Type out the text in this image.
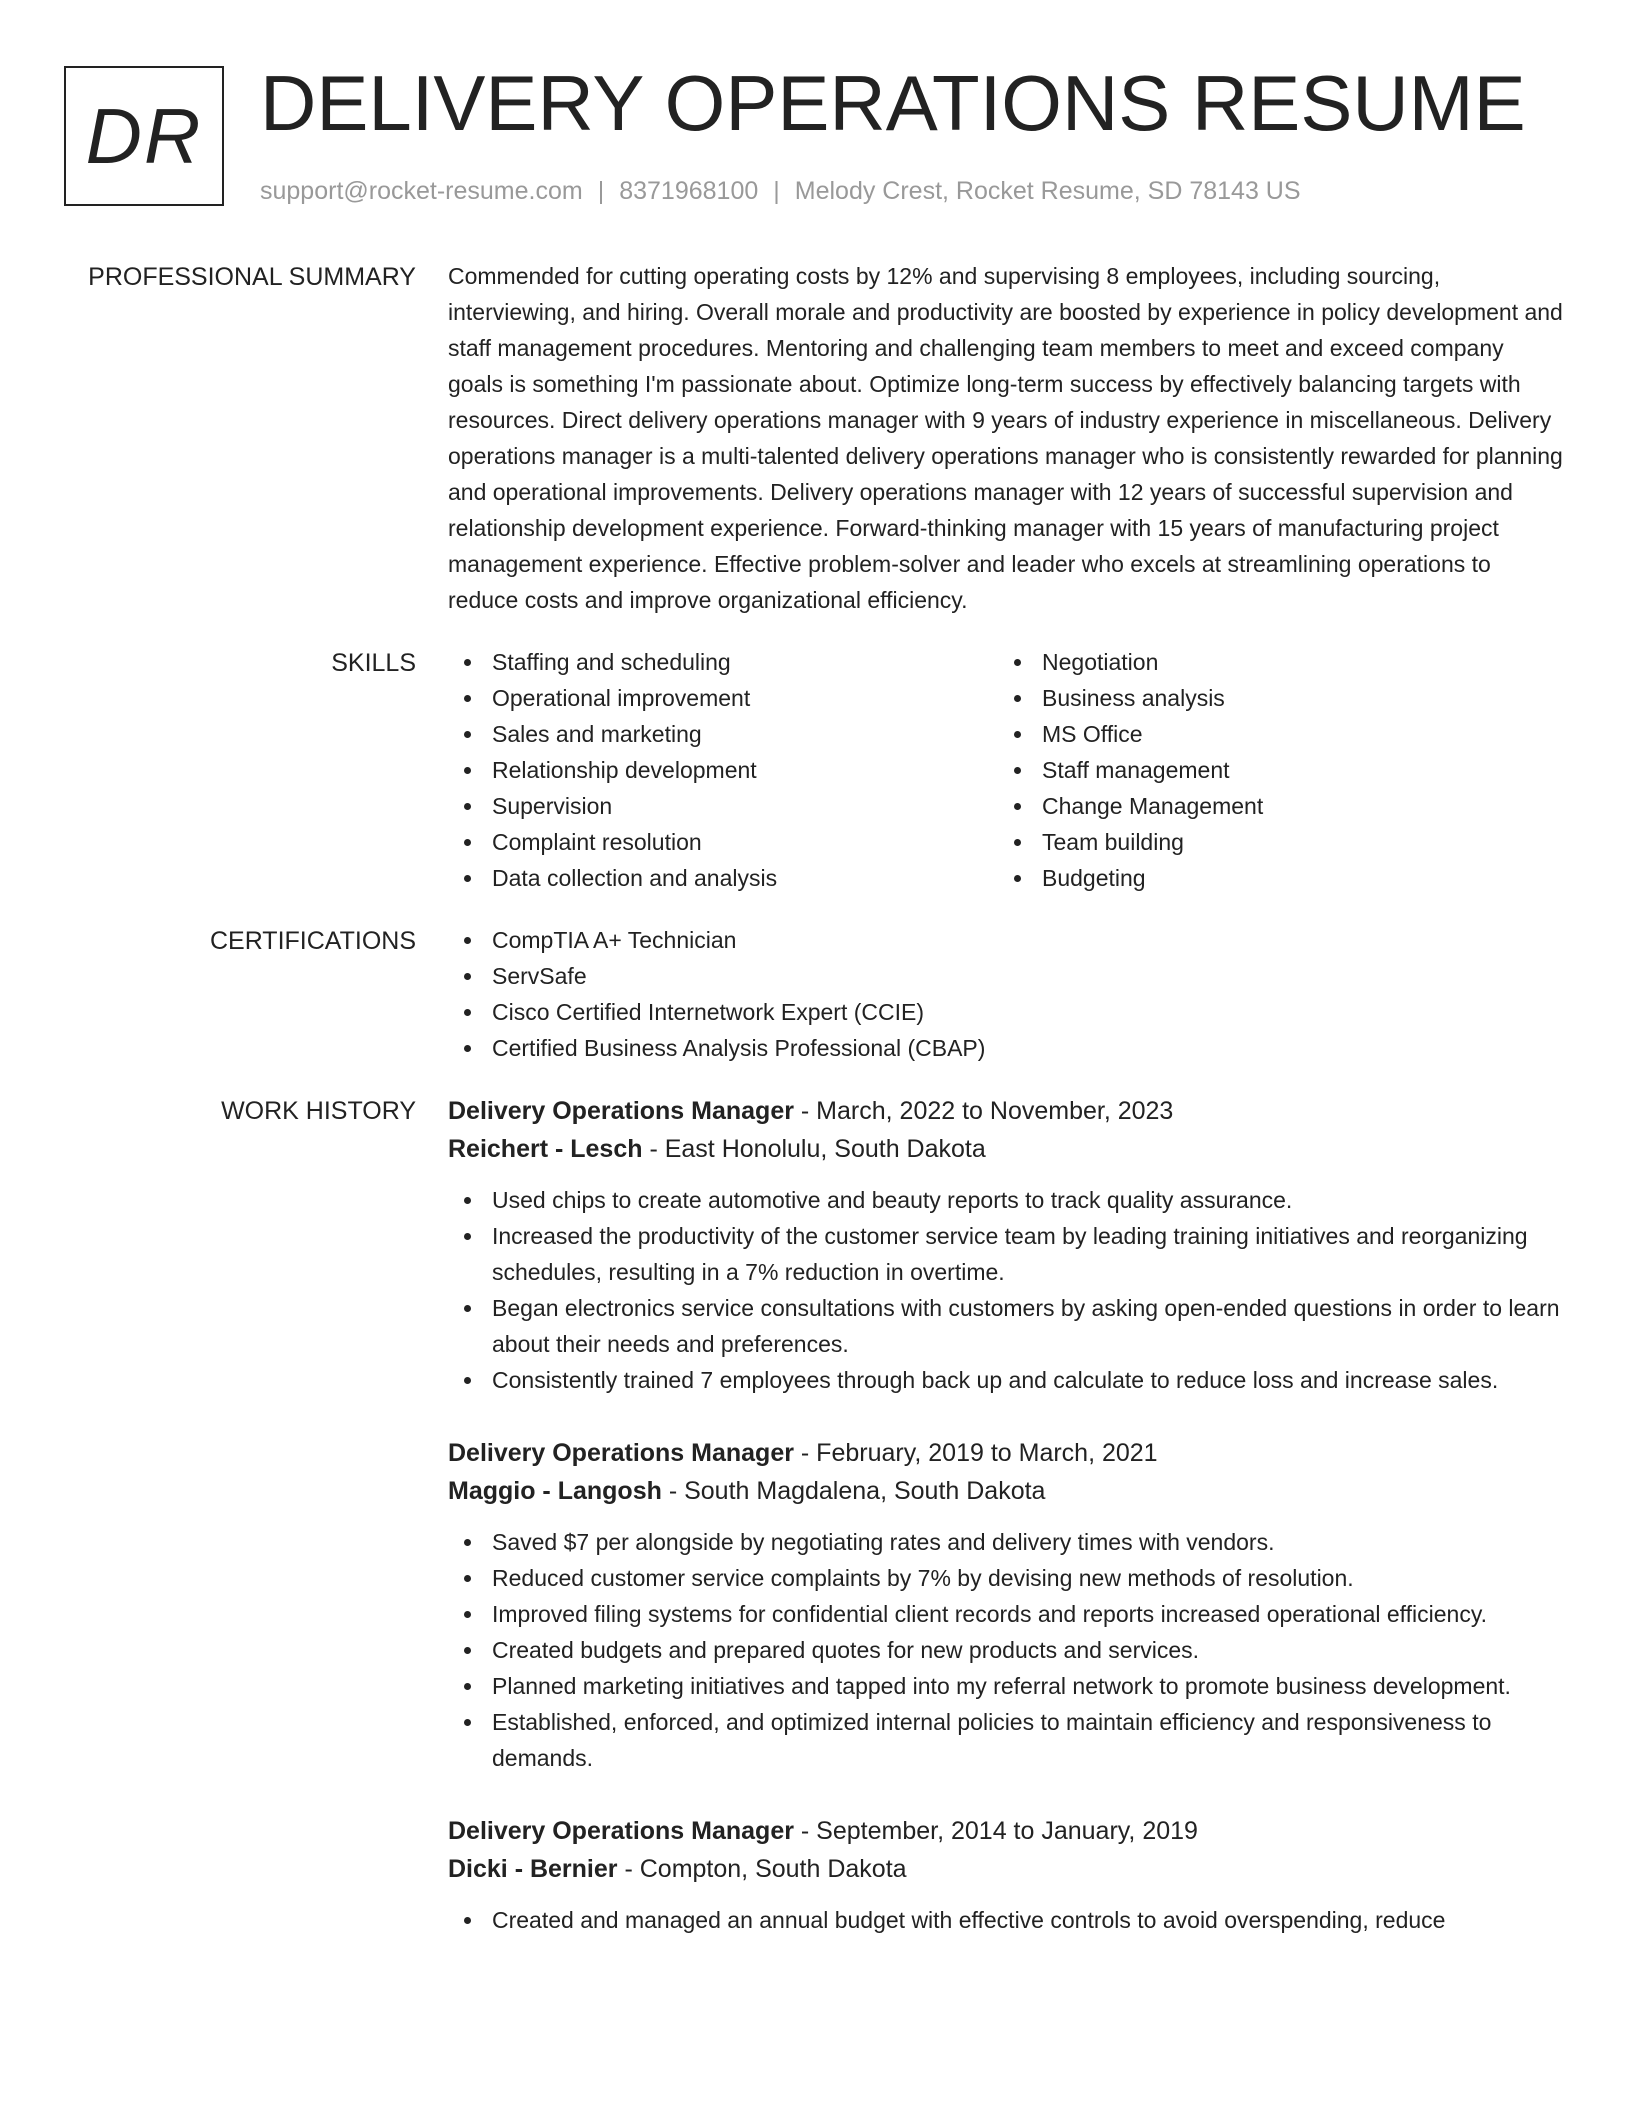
DR DELIVERY OPERATIONS RESUME
support@rocket-resume.com | 8371968100 | Melody Crest, Rocket Resume, SD 78143 US
PROFESSIONAL SUMMARY Commended for cutting operating costs by 12% and supervising 8 employees, including sourcing, interviewing, and hiring. Overall morale and productivity are boosted by experience in policy development and staff management procedures. Mentoring and challenging team members to meet and exceed company goals is something I'm passionate about. Optimize long-term success by effectively balancing targets with resources. Direct delivery operations manager with 9 years of industry experience in miscellaneous. Delivery operations manager is a multi-talented delivery operations manager who is consistently rewarded for planning and operational improvements. Delivery operations manager with 12 years of successful supervision and relationship development experience. Forward-thinking manager with 15 years of manufacturing project management experience. Effective problem-solver and leader who excels at streamlining operations to reduce costs and improve organizational efficiency.

SKILLS	Staffing and scheduling
Operational improvement
Sales and marketing
Relationship development
Supervision
Complaint resolution
Data collection and analysis
Negotiation
Business analysis
MS Office
Staff management
Change Management
Team building
Budgeting
CERTIFICATIONS	CompTIA A+ Technician
ServSafe
Cisco Certified Internetwork Expert (CCIE)
Certified Business Analysis Professional (CBAP)
WORK HISTORY Delivery Operations Manager - March, 2022 to November, 2023
Reichert - Lesch - East Honolulu, South Dakota
Used chips to create automotive and beauty reports to track quality assurance.
Increased the productivity of the customer service team by leading training initiatives and reorganizing schedules, resulting in a 7% reduction in overtime.
Began electronics service consultations with customers by asking open-ended questions in order to learn about their needs and preferences.
Consistently trained 7 employees through back up and calculate to reduce loss and increase sales.
Delivery Operations Manager - February, 2019 to March, 2021
Maggio - Langosh - South Magdalena, South Dakota
Saved $7 per alongside by negotiating rates and delivery times with vendors.
Reduced customer service complaints by 7% by devising new methods of resolution.
Improved filing systems for confidential client records and reports increased operational efficiency.
Created budgets and prepared quotes for new products and services.
Planned marketing initiatives and tapped into my referral network to promote business development.
Established, enforced, and optimized internal policies to maintain efficiency and responsiveness to demands.
Delivery Operations Manager - September, 2014 to January, 2019
Dicki - Bernier - Compton, South Dakota
Created and managed an annual budget with effective controls to avoid overspending, reduce
